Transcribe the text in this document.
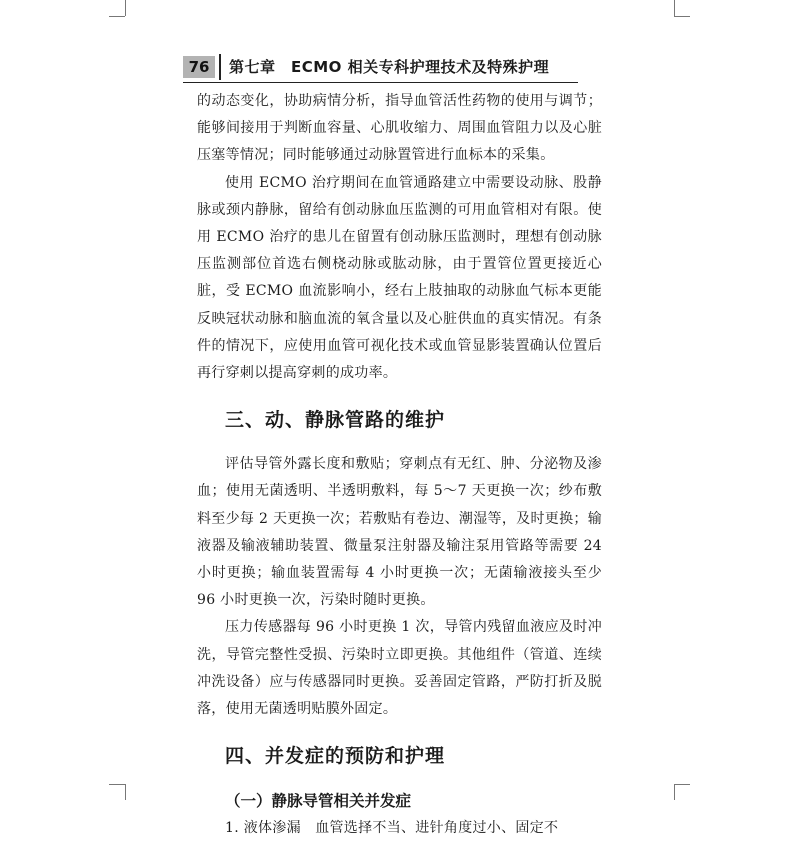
76	第七章　ECMO 相关专科护理技术及特殊护理

的动态变化，协助病情分析，指导血管活性药物的使用与调节；能够间接用于判断血容量、心肌收缩力、周围血管阻力以及心脏压塞等情况；同时能够通过动脉置管进行血标本的采集。

使用 ECMO 治疗期间在血管通路建立中需要设动脉、股静脉或颈内静脉，留给有创动脉血压监测的可用血管相对有限。使用 ECMO 治疗的患儿在留置有创动脉压监测时，理想有创动脉压监测部位首选右侧桡动脉或肱动脉，由于置管位置更接近心脏，受 ECMO 血流影响小，经右上肢抽取的动脉血气标本更能反映冠状动脉和脑血流的氧含量以及心脏供血的真实情况。有条件的情况下，应使用血管可视化技术或血管显影装置确认位置后再行穿刺以提高穿刺的成功率。

三、动、静脉管路的维护

评估导管外露长度和敷贴；穿刺点有无红、肿、分泌物及渗血；使用无菌透明、半透明敷料，每 5～7 天更换一次；纱布敷料至少每 2 天更换一次；若敷贴有卷边、潮湿等，及时更换；输液器及输液辅助装置、微量泵注射器及输注泵用管路等需要 24 小时更换；输血装置需每 4 小时更换一次；无菌输液接头至少 96 小时更换一次，污染时随时更换。

压力传感器每 96 小时更换 1 次，导管内残留血液应及时冲洗，导管完整性受损、污染时立即更换。其他组件（管道、连续冲洗设备）应与传感器同时更换。妥善固定管路，严防打折及脱落，使用无菌透明贴膜外固定。

四、并发症的预防和护理
（一）静脉导管相关并发症

1. 液体渗漏　血管选择不当、进针角度过小、固定不
